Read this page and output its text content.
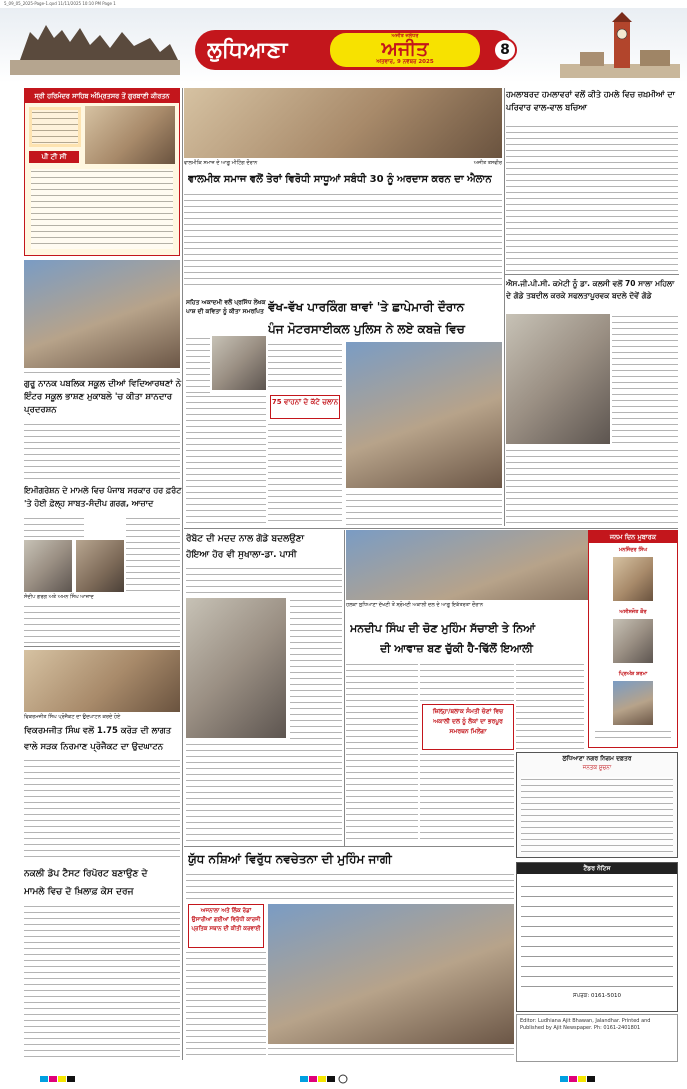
5_09_05_2025-Page-1.qxd 11/11/2025 10:10 PM Page 1
ਲੁਧਿਆਣਾ
ਅਜੀਤ ਜਲੰਧਰ
ਅਜੀਤ
ਐਤਵਾਰ, 9 ਨਵੰਬਰ 2025
8
ਸ੍ਰੀ ਹਰਿਮੰਦਰ ਸਾਹਿਬ ਅੰਮ੍ਰਿਤਸਰ ਤੋਂ ਗੁਰਬਾਣੀ ਕੀਰਤਨ
ਪੀ ਟੀ ਸੀ
ਗੁਰੂ ਨਾਨਕ ਪਬਲਿਕ ਸਕੂਲ ਦੀਆਂ ਵਿਦਿਆਰਥਣਾਂ ਨੇ ਇੰਟਰ ਸਕੂਲ ਭਾਸ਼ਣ ਮੁਕਾਬਲੇ 'ਚ ਕੀਤਾ ਸ਼ਾਨਦਾਰ ਪ੍ਰਦਰਸ਼ਨ
ਇਮੀਗਰੇਸ਼ਨ ਦੇ ਮਾਮਲੇ ਵਿਚ ਪੰਜਾਬ ਸਰਕਾਰ ਹਰ ਫ਼ਰੰਟ 'ਤੇ ਹੋਈ ਫ਼ੇਲ੍ਹ ਸਾਬਤ-ਸੰਦੀਪ ਗਰਗ, ਆਜ਼ਾਦ
ਸੰਦੀਪ ਗਰਗ ਅਤੇ ਅਮਨ ਸਿੰਘ ਆਜ਼ਾਦ
ਵਾਲਮੀਕਿ ਸਮਾਜ ਦੇ ਆਗੂ ਮੀਟਿੰਗ ਦੌਰਾਨ	ਅਜੀਤ ਤਸਵੀਰ
ਵਾਲਮੀਕ ਸਮਾਜ ਵਲੋਂ ਤੇਰਾਂ ਵਿਰੋਧੀ ਸਾਧੂਆਂ ਸਬੰਧੀ 30 ਨੂੰ ਅਰਦਾਸ ਕਰਨ ਦਾ ਐਲਾਨ
ਸਹਿਤ ਅਕਾਦਮੀ ਵਲੋਂ ਪ੍ਰਸਿੱਧ ਲੇਖਕ ਪਾਸ਼ ਦੀ ਕਵਿਤਾ ਨੂੰ ਕੀਤਾ ਸਮਰਪਿਤ ਵੱਖ-ਵੱਖ ਪਾਰਕਿੰਗ ਥਾਵਾਂ 'ਤੇ ਛਾਪੇਮਾਰੀ ਦੌਰਾਨ
ਪੰਜ ਮੋਟਰਸਾਈਕਲ ਪੁਲਿਸ ਨੇ ਲਏ ਕਬਜ਼ੇ ਵਿਚ
75 ਵਾਹਨਾਂ ਦੇ ਕੱਟੇ ਚਲਾਨ
ਹਮਲਾਬਰਦ ਹਮਲਾਵਰਾਂ ਵਲੋਂ ਕੀਤੇ ਹਮਲੇ ਵਿਚ ਜ਼ਖ਼ਮੀਆਂ ਦਾ ਪਰਿਵਾਰ ਵਾਲ-ਵਾਲ ਬਚਿਆ
ਐਸ.ਜੀ.ਪੀ.ਸੀ. ਕਮੇਟੀ ਨੂੰ ਡਾ. ਕਲਸੀ ਵਲੋਂ 70 ਸਾਲਾ ਮਹਿਲਾ ਦੇ ਗੋਡੇ ਤਬਦੀਲ ਕਰਕੇ ਸਫਲਤਾਪੂਰਵਕ ਬਦਲੇ ਦੋਵੇਂ ਗੋਡੇ
ਵਿਕਰਮਜੀਤ ਸਿੰਘ ਪ੍ਰੋਜੈਕਟ ਦਾ ਉਦਘਾਟਨ ਕਰਦੇ ਹੋਏ
ਵਿਕਰਮਜੀਤ ਸਿੰਘ ਵਲੋਂ 1.75 ਕਰੋੜ ਦੀ ਲਾਗਤ
ਵਾਲੇ ਸੜਕ ਨਿਰਮਾਣ ਪ੍ਰੋਜੈਕਟ ਦਾ ਉਦਘਾਟਨ
ਨਕਲੀ ਡੋਪ ਟੈਸਟ ਰਿਪੋਰਟ ਬਣਾਉਣ ਦੇ
ਮਾਮਲੇ ਵਿਚ ਦੋ ਖ਼ਿਲਾਫ਼ ਕੇਸ ਦਰਜ
ਰੋਬੋਟ ਦੀ ਮਦਦ ਨਾਲ ਗੋਡੇ ਬਦਲਉਣਾ
ਹੋਇਆ ਹੋਰ ਵੀ ਸੁਖਾਲਾ-ਡਾ. ਪਾਸੀ
ਹਲਕਾ ਲੁਧਿਆਣਾ ਦੱਖਣੀ ਤੋਂ ਸ਼੍ਰੋਮਣੀ ਅਕਾਲੀ ਦਲ ਦੇ ਆਗੂ ਇਕੱਤਰਤਾ ਦੌਰਾਨ
ਮਨਦੀਪ ਸਿੰਘ ਦੀ ਚੋਣ ਮੁਹਿੰਮ ਸੱਚਾਈ ਤੇ ਨਿਆਂ
ਦੀ ਆਵਾਜ਼ ਬਣ ਚੁੱਕੀ ਹੈ-ਢਿੱਲੋਂ ਇਆਲੀ
ਜ਼ਿਲ੍ਹਾ/ਬਲਾਕ ਸੰਮਤੀ ਚੋਣਾਂ ਵਿਚ ਅਕਾਲੀ ਦਲ ਨੂੰ ਲੋਕਾਂ ਦਾ ਭਰਪੂਰ ਸਮਰਥਨ ਮਿਲੇਗਾ
ਜਨਮ ਦਿਨ ਮੁਬਾਰਕ
ਮਨਜਿੰਦਰ ਸਿੰਘ
ਅਸੀਸਜੋਤ ਕੌਰ
ਪ੍ਰਿਅੰਸ਼ ਸ਼ਰਮਾ
ਲੁਧਿਆਣਾ ਨਗਰ ਨਿਗਮ ਦਫ਼ਤਰ
ਜਨਤਕ ਸੂਚਨਾ
ਯੁੱਧ ਨਸ਼ਿਆਂ ਵਿਰੁੱਧ ਨਵਚੇਤਨਾ ਦੀ ਮੁਹਿੰਮ ਜਾਗੀ
ਅਜਨਾਲਾ ਅਤੇ ਲਿੰਕ ਰੋਡਾਂ ਉਸਾਰੀਆਂ ਗਈਆਂ ਵਿਰੋਧੀ ਕਾਰਜੀ ਪ੍ਰਤਿਕ ਸਥਾਨ ਦੀ ਕੀਤੀ ਕਰਵਾਈ
ਟੈਂਡਰ ਨੋਟਿਸ
ਸੰਪਰਕ: 0161-5010
Editor: Ludhiana Ajit Bhawan, Jalandhar. Printed and Published by Ajit Newspaper. Ph: 0161-2401801
